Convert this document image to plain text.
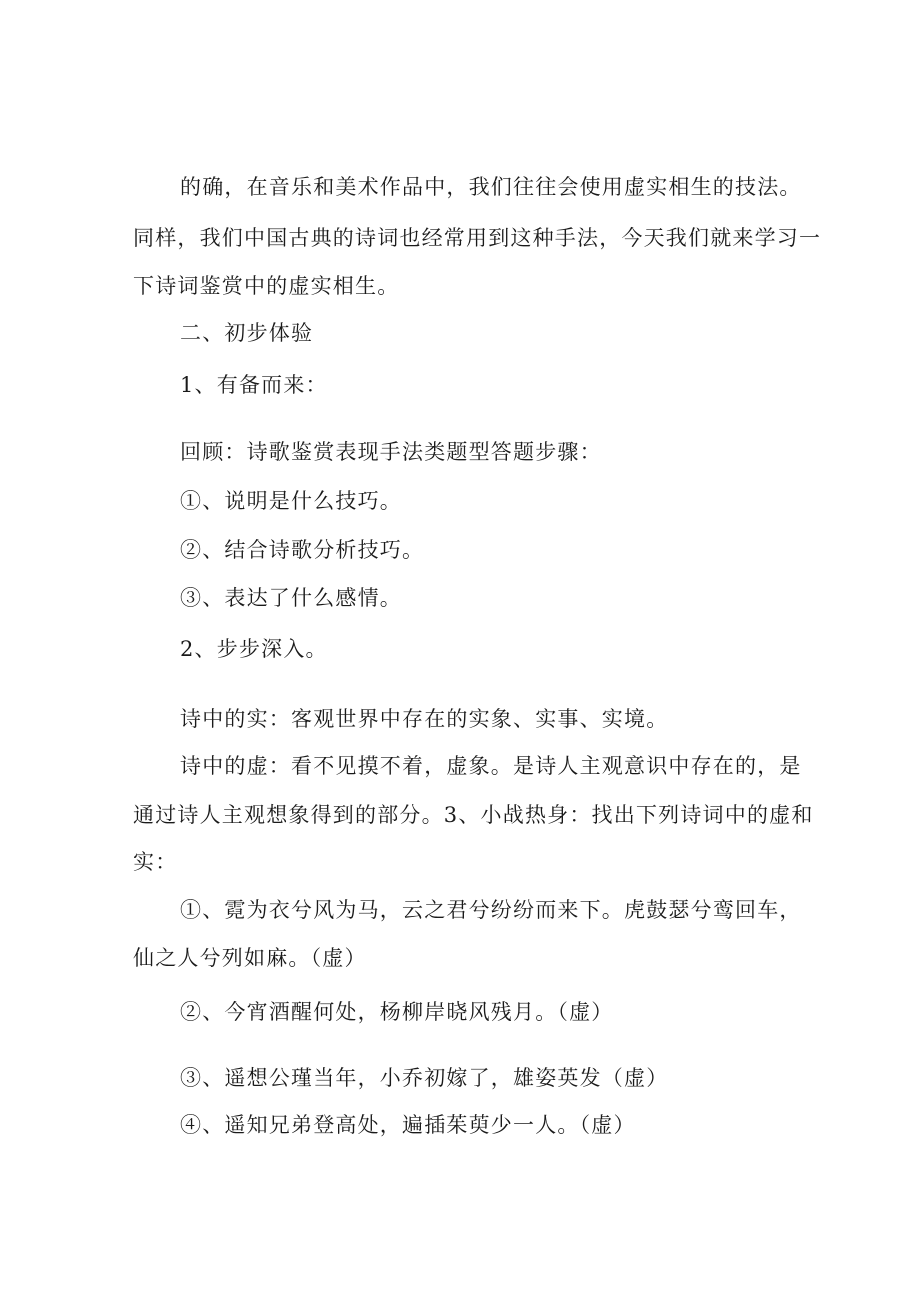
的确，在音乐和美术作品中，我们往往会使用虚实相生的技法。
同样，我们中国古典的诗词也经常用到这种手法，今天我们就来学习一
下诗词鉴赏中的虚实相生。
二、初步体验
1、有备而来：
回顾：诗歌鉴赏表现手法类题型答题步骤：
①、说明是什么技巧。
②、结合诗歌分析技巧。
③、表达了什么感情。
2、步步深入。
诗中的实：客观世界中存在的实象、实事、实境。
诗中的虚：看不见摸不着，虚象。是诗人主观意识中存在的，是
通过诗人主观想象得到的部分。3、小战热身：找出下列诗词中的虚和
实：
①、霓为衣兮风为马，云之君兮纷纷而来下。虎鼓瑟兮鸾回车，
仙之人兮列如麻。（虚）
②、今宵酒醒何处，杨柳岸晓风残月。（虚）
③、遥想公瑾当年，小乔初嫁了，雄姿英发（虚）
④、遥知兄弟登高处，遍插茱萸少一人。（虚）
